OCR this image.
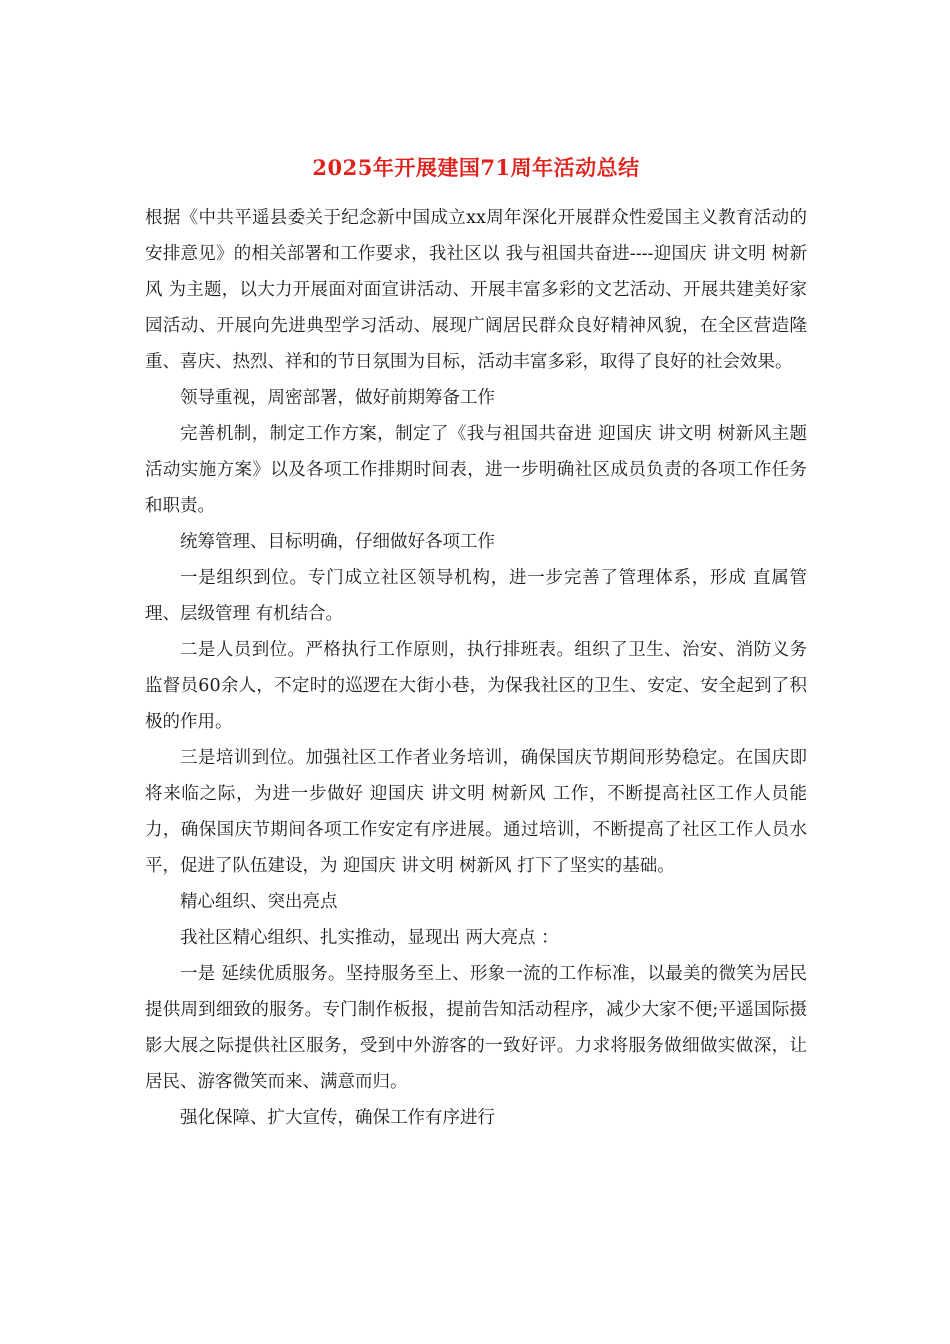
2025年开展建国71周年活动总结

根据《中共平遥县委关于纪念新中国成立xx周年深化开展群众性爱国主义教育活动的安排意见》的相关部署和工作要求，我社区以 我与祖国共奋进----迎国庆 讲文明 树新风 为主题，以大力开展面对面宣讲活动、开展丰富多彩的文艺活动、开展共建美好家园活动、开展向先进典型学习活动、展现广阔居民群众良好精神风貌，在全区营造隆重、喜庆、热烈、祥和的节日氛围为目标，活动丰富多彩，取得了良好的社会效果。

领导重视，周密部署，做好前期筹备工作

完善机制，制定工作方案，制定了《我与祖国共奋进 迎国庆 讲文明 树新风主题活动实施方案》以及各项工作排期时间表，进一步明确社区成员负责的各项工作任务和职责。

统筹管理、目标明确，仔细做好各项工作

一是组织到位。专门成立社区领导机构，进一步完善了管理体系，形成 直属管理、层级管理 有机结合。

二是人员到位。严格执行工作原则，执行排班表。组织了卫生、治安、消防义务监督员60余人，不定时的巡逻在大街小巷，为保我社区的卫生、安定、安全起到了积极的作用。

三是培训到位。加强社区工作者业务培训，确保国庆节期间形势稳定。在国庆即将来临之际，为进一步做好 迎国庆 讲文明 树新风 工作，不断提高社区工作人员能力，确保国庆节期间各项工作安定有序进展。通过培训，不断提高了社区工作人员水平，促进了队伍建设，为 迎国庆 讲文明 树新风 打下了坚实的基础。

精心组织、突出亮点

我社区精心组织、扎实推动，显现出 两大亮点 ：

一是 延续优质服务。坚持服务至上、形象一流的工作标准，以最美的微笑为居民提供周到细致的服务。专门制作板报，提前告知活动程序，减少大家不便;平遥国际摄影大展之际提供社区服务，受到中外游客的一致好评。力求将服务做细做实做深，让居民、游客微笑而来、满意而归。

强化保障、扩大宣传，确保工作有序进行
